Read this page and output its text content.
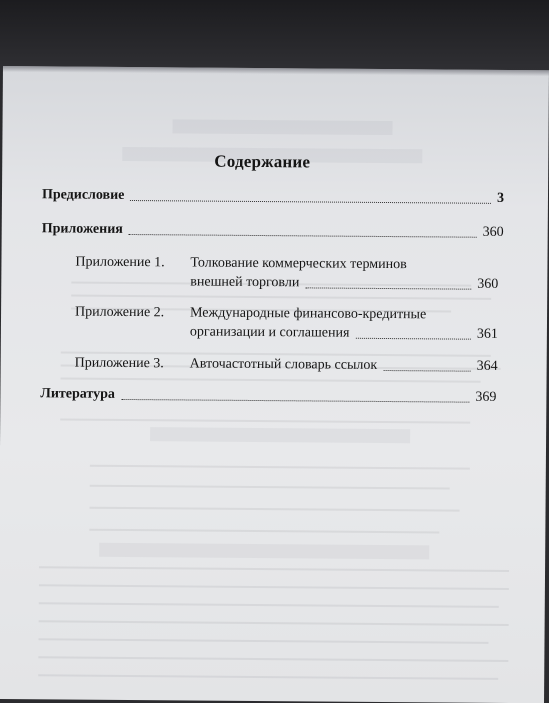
Содержание
Предисловие	3
Приложения	360
Приложение 1. Толкование коммерческих терминов
внешней торговли	360
Приложение 2. Международные финансово-кредитные
организации и соглашения	361
Приложение 3. Авточастотный словарь ссылок	364
Литература	369
